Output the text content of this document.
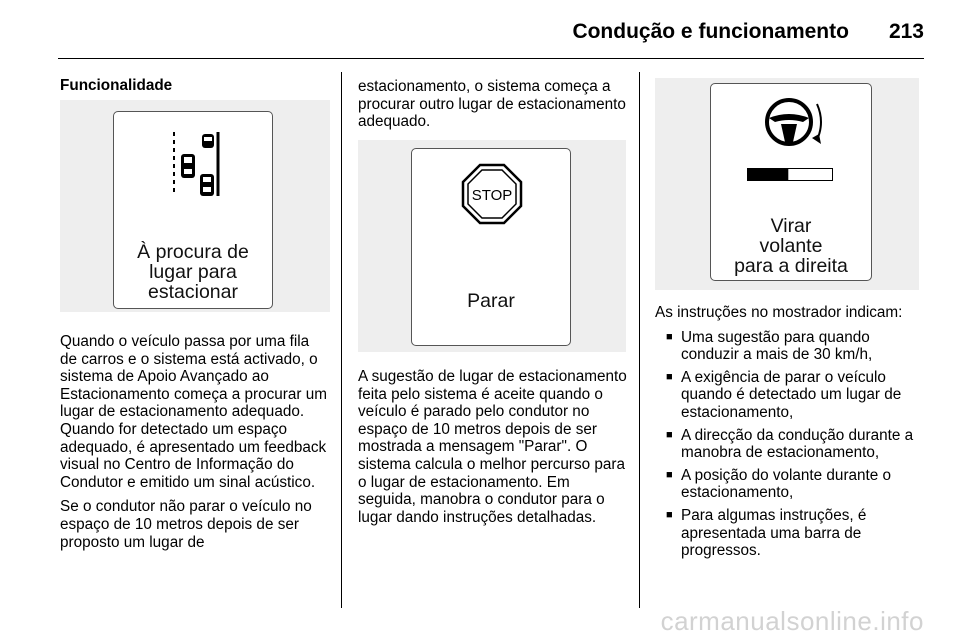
Condução e funcionamento 213
Funcionalidade
À procura de
lugar para
estacionar

Quando o veículo passa por uma fila de carros e o sistema está activado, o sistema de Apoio Avançado ao Estacionamento começa a procurar um lugar de estacionamento adequado. Quando for detectado um espaço adequado, é apresentado um feedback visual no Centro de Informação do Condutor e emitido um sinal acústico.

Se o condutor não parar o veículo no espaço de 10 metros depois de ser proposto um lugar de

estacionamento, o sistema começa a procurar outro lugar de estacionamento adequado.

STOP
Parar

A sugestão de lugar de estacionamento feita pelo sistema é aceite quando o veículo é parado pelo condutor no espaço de 10 metros depois de ser mostrada a mensagem "Parar". O sistema calcula o melhor percurso para o lugar de estacionamento. Em seguida, manobra o condutor para o lugar dando instruções detalhadas.

Virar
volante
para a direita

As instruções no mostrador indicam:

■ Uma sugestão para quando conduzir a mais de 30 km/h,
■ A exigência de parar o veículo quando é detectado um lugar de estacionamento,
■ A direcção da condução durante a manobra de estacionamento,
■ A posição do volante durante o estacionamento,
■ Para algumas instruções, é apresentada uma barra de progressos.
carmanualsonline.info
